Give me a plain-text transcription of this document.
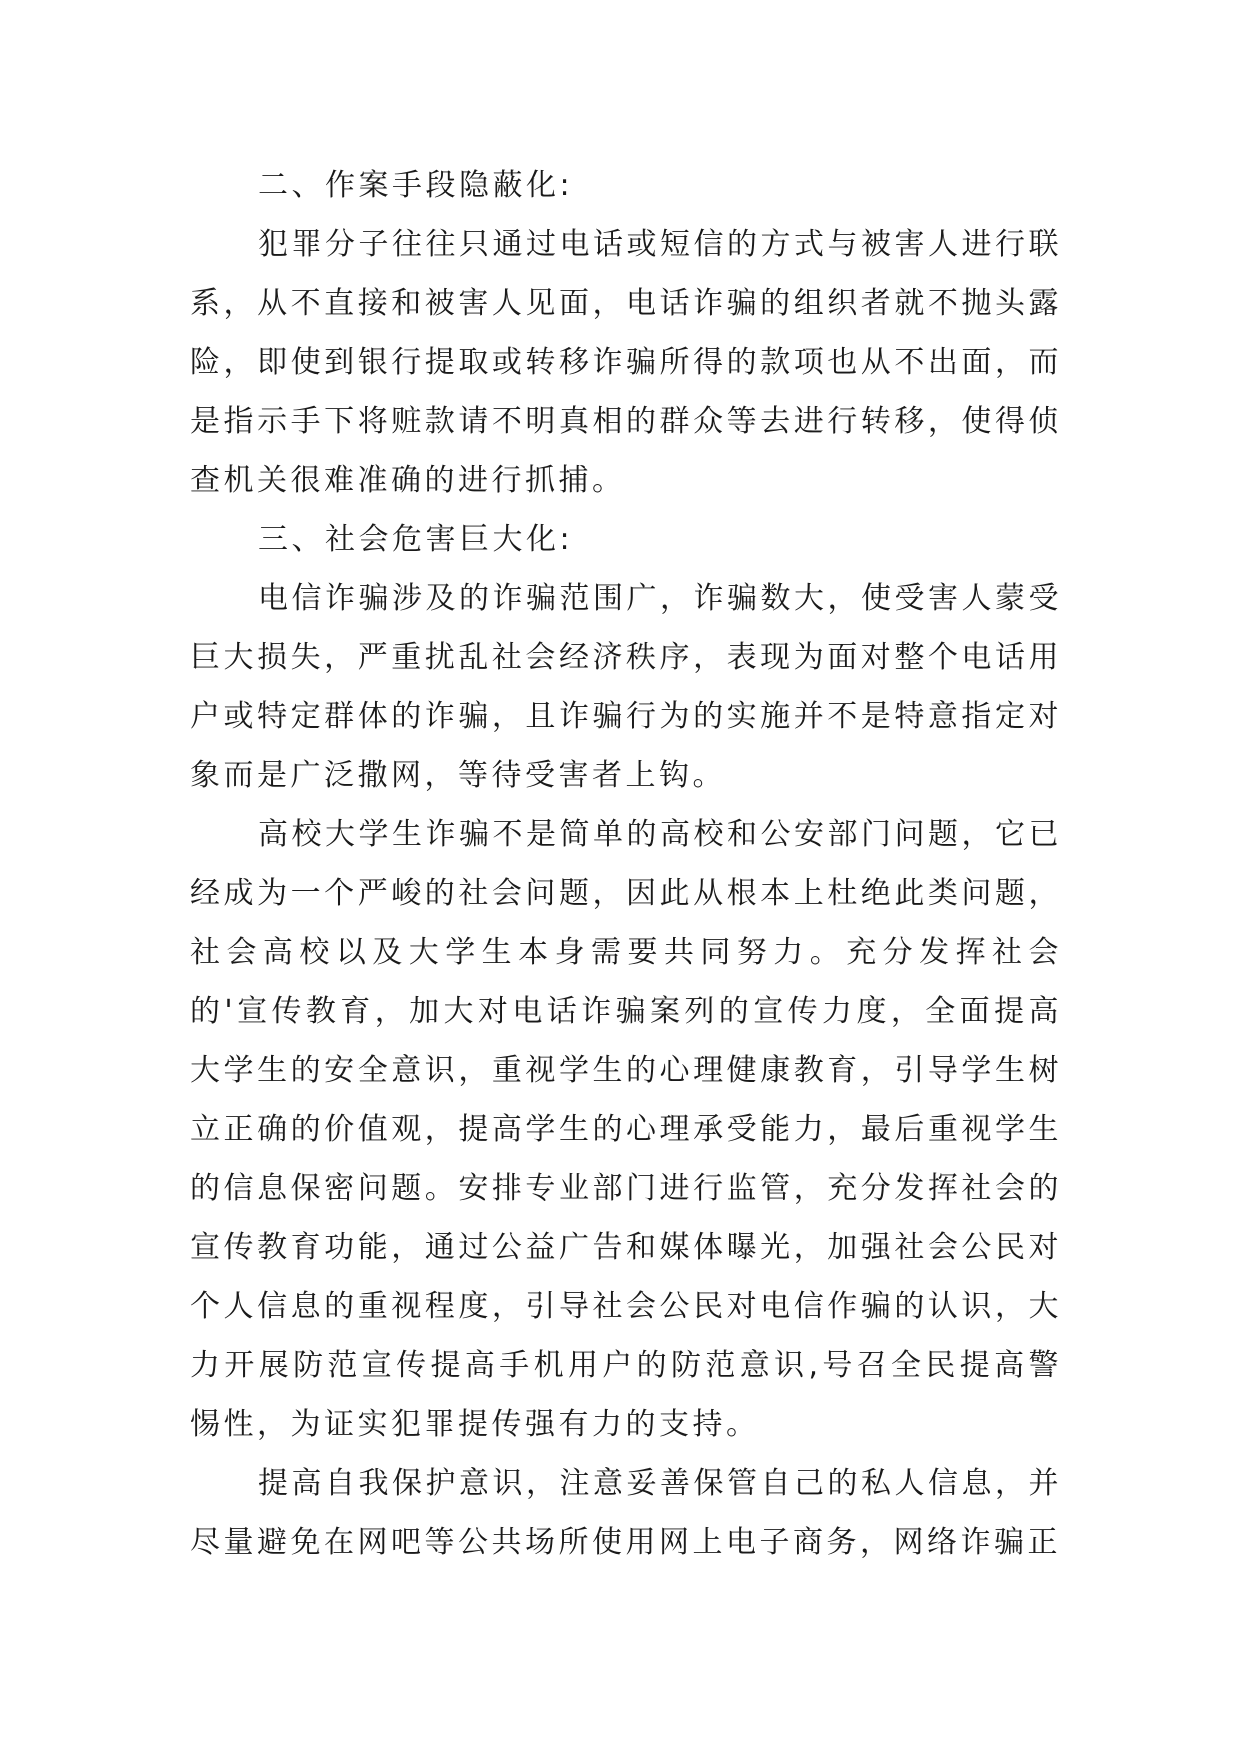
二、作案手段隐蔽化:

犯罪分子往往只通过电话或短信的方式与被害人进行联系，从不直接和被害人见面，电话诈骗的组织者就不抛头露险，即使到银行提取或转移诈骗所得的款项也从不出面，而是指示手下将赃款请不明真相的群众等去进行转移，使得侦查机关很难准确的进行抓捕。

三、社会危害巨大化:

电信诈骗涉及的诈骗范围广，诈骗数大，使受害人蒙受巨大损失，严重扰乱社会经济秩序，表现为面对整个电话用户或特定群体的诈骗，且诈骗行为的实施并不是特意指定对象而是广泛撒网，等待受害者上钩。

高校大学生诈骗不是简单的高校和公安部门问题，它已经成为一个严峻的社会问题，因此从根本上杜绝此类问题，社会高校以及大学生本身需要共同努力。充分发挥社会的'宣传教育，加大对电话诈骗案列的宣传力度，全面提高大学生的安全意识，重视学生的心理健康教育，引导学生树立正确的价值观，提高学生的心理承受能力，最后重视学生的信息保密问题。安排专业部门进行监管，充分发挥社会的宣传教育功能，通过公益广告和媒体曝光，加强社会公民对个人信息的重视程度，引导社会公民对电信作骗的认识，大力开展防范宣传提高手机用户的防范意识,号召全民提高警惕性，为证实犯罪提传强有力的支持。

提高自我保护意识，注意妥善保管自己的私人信息，并尽量避免在网吧等公共场所使用网上电子商务，网络诈骗正
